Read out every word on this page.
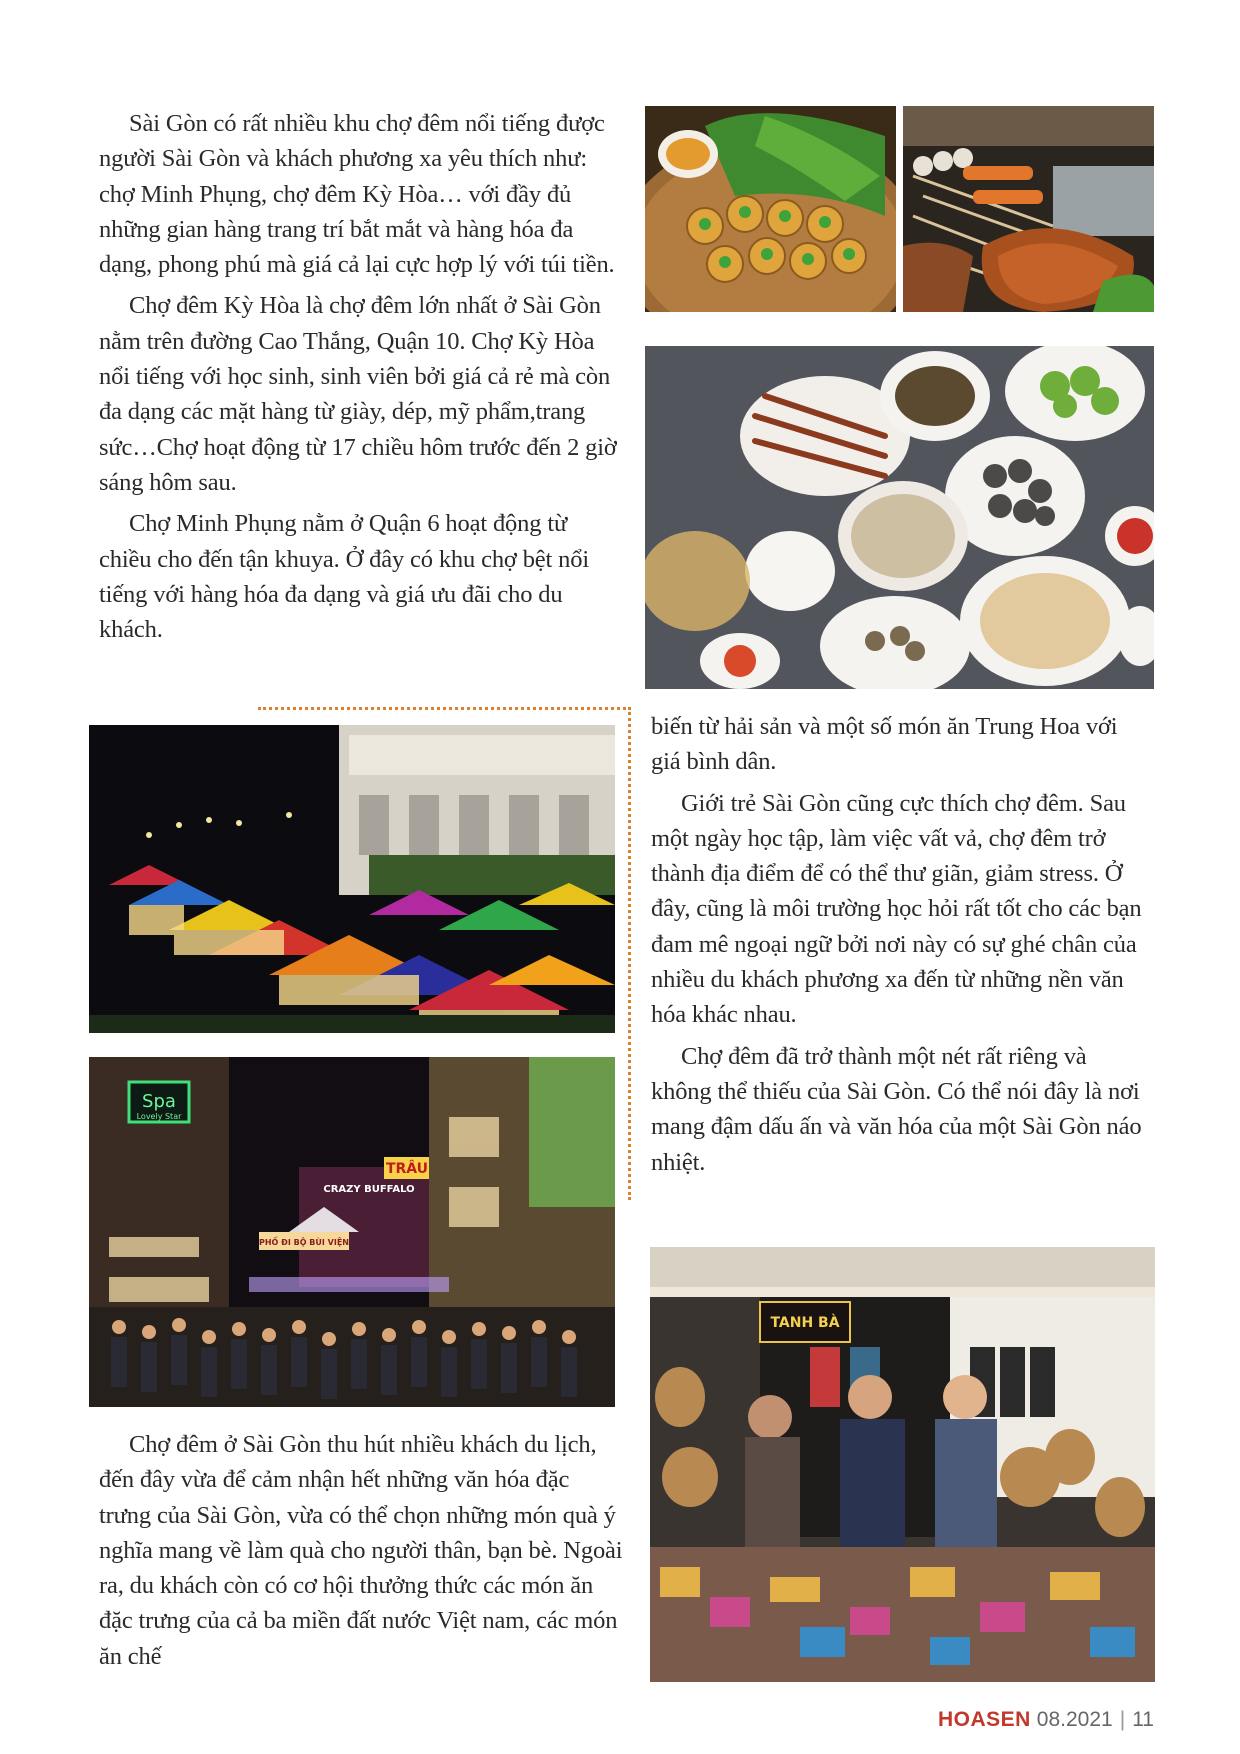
Sài Gòn có rất nhiều khu chợ đêm nổi tiếng được người Sài Gòn và khách phương xa yêu thích như: chợ Minh Phụng, chợ đêm Kỳ Hòa… với đầy đủ những gian hàng trang trí bắt mắt và hàng hóa đa dạng, phong phú mà giá cả lại cực hợp lý với túi tiền.

Chợ đêm Kỳ Hòa là chợ đêm lớn nhất ở Sài Gòn nằm trên đường Cao Thắng, Quận 10. Chợ Kỳ Hòa nổi tiếng với học sinh, sinh viên bởi giá cả rẻ mà còn đa dạng các mặt hàng từ giày, dép, mỹ phẩm,trang sức…Chợ hoạt động từ 17 chiều hôm trước đến 2 giờ sáng hôm sau.

Chợ Minh Phụng nằm ở Quận 6 hoạt động từ chiều cho đến tận khuya. Ở đây có khu chợ bệt nổi tiếng với hàng hóa đa dạng và giá ưu đãi cho du khách.

Spa
Lovely Star
CRAZY BUFFALO
TRÂU
PHỐ ĐI BỘ BÙI VIỆN

Chợ đêm ở Sài Gòn thu hút nhiều khách du lịch, đến đây vừa để cảm nhận hết những văn hóa đặc trưng của Sài Gòn, vừa có thể chọn những món quà ý nghĩa mang về làm quà cho người thân, bạn bè. Ngoài ra, du khách còn có cơ hội thưởng thức các món ăn đặc trưng của cả ba miền đất nước Việt nam, các món ăn chế

biến từ hải sản và một số món ăn Trung Hoa với giá bình dân.

Giới trẻ Sài Gòn cũng cực thích chợ đêm. Sau một ngày học tập, làm việc vất vả, chợ đêm trở thành địa điểm để có thể thư giãn, giảm stress. Ở đây, cũng là môi trường học hỏi rất tốt cho các bạn đam mê ngoại ngữ bởi nơi này có sự ghé chân của nhiều du khách phương xa đến từ những nền văn hóa khác nhau.

Chợ đêm đã trở thành một nét rất riêng và không thể thiếu của Sài Gòn. Có thể nói đây là nơi mang đậm dấu ấn và văn hóa của một Sài Gòn náo nhiệt.

TANH BÀ
HOASEN 08.2021 | 11
